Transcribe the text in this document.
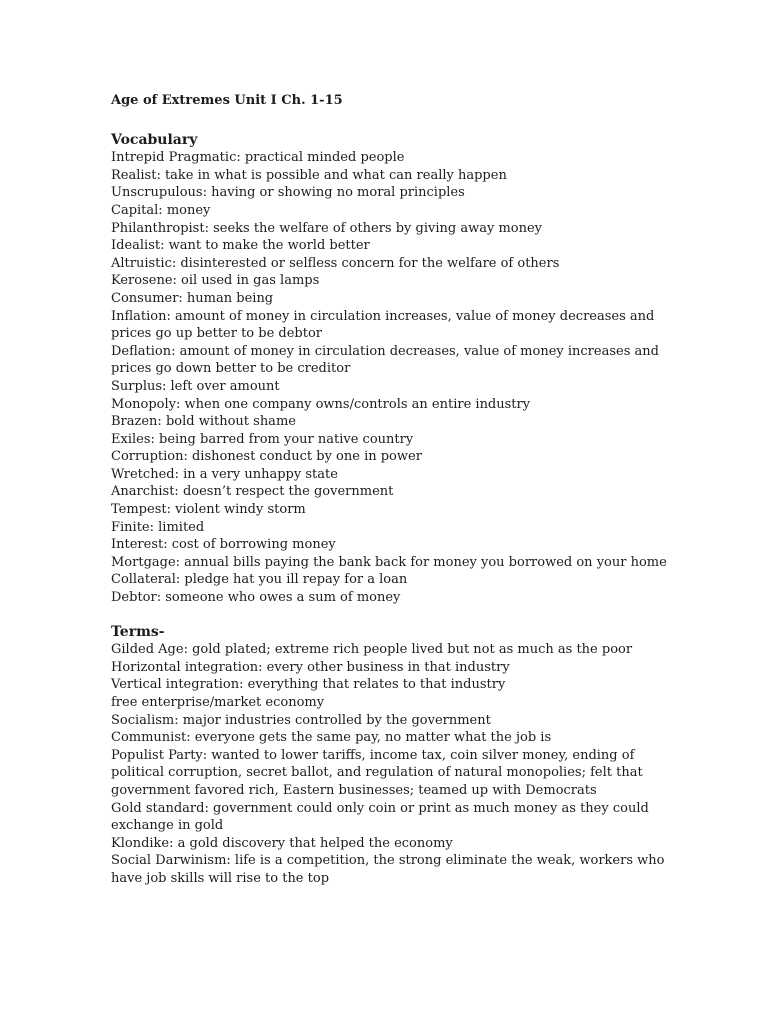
Age of Extremes Unit I Ch. 1-15
Vocabulary
Intrepid Pragmatic: practical minded people
Realist: take in what is possible and what can really happen
Unscrupulous: having or showing no moral principles
Capital: money
Philanthropist: seeks the welfare of others by giving away money
Idealist: want to make the world better
Altruistic: disinterested or selfless concern for the welfare of others
Kerosene: oil used in gas lamps
Consumer: human being
Inflation: amount of money in circulation increases, value of money decreases and
prices go up better to be debtor
Deflation: amount of money in circulation decreases, value of money increases and
prices go down better to be creditor
Surplus: left over amount
Monopoly: when one company owns/controls an entire industry
Brazen: bold without shame
Exiles: being barred from your native country
Corruption: dishonest conduct by one in power
Wretched: in a very unhappy state
Anarchist: doesn’t respect the government
Tempest: violent windy storm
Finite: limited
Interest: cost of borrowing money
Mortgage: annual bills paying the bank back for money you borrowed on your home
Collateral: pledge hat you ill repay for a loan
Debtor: someone who owes a sum of money
Terms-
Gilded Age: gold plated; extreme rich people lived but not as much as the poor
Horizontal integration: every other business in that industry
Vertical integration: everything that relates to that industry
free enterprise/market economy
Socialism: major industries controlled by the government
Communist: everyone gets the same pay, no matter what the job is
Populist Party: wanted to lower tariffs, income tax, coin silver money, ending of
political corruption, secret ballot, and regulation of natural monopolies; felt that
government favored rich, Eastern businesses; teamed up with Democrats
Gold standard: government could only coin or print as much money as they could
exchange in gold
Klondike: a gold discovery that helped the economy
Social Darwinism: life is a competition, the strong eliminate the weak, workers who
have job skills will rise to the top
